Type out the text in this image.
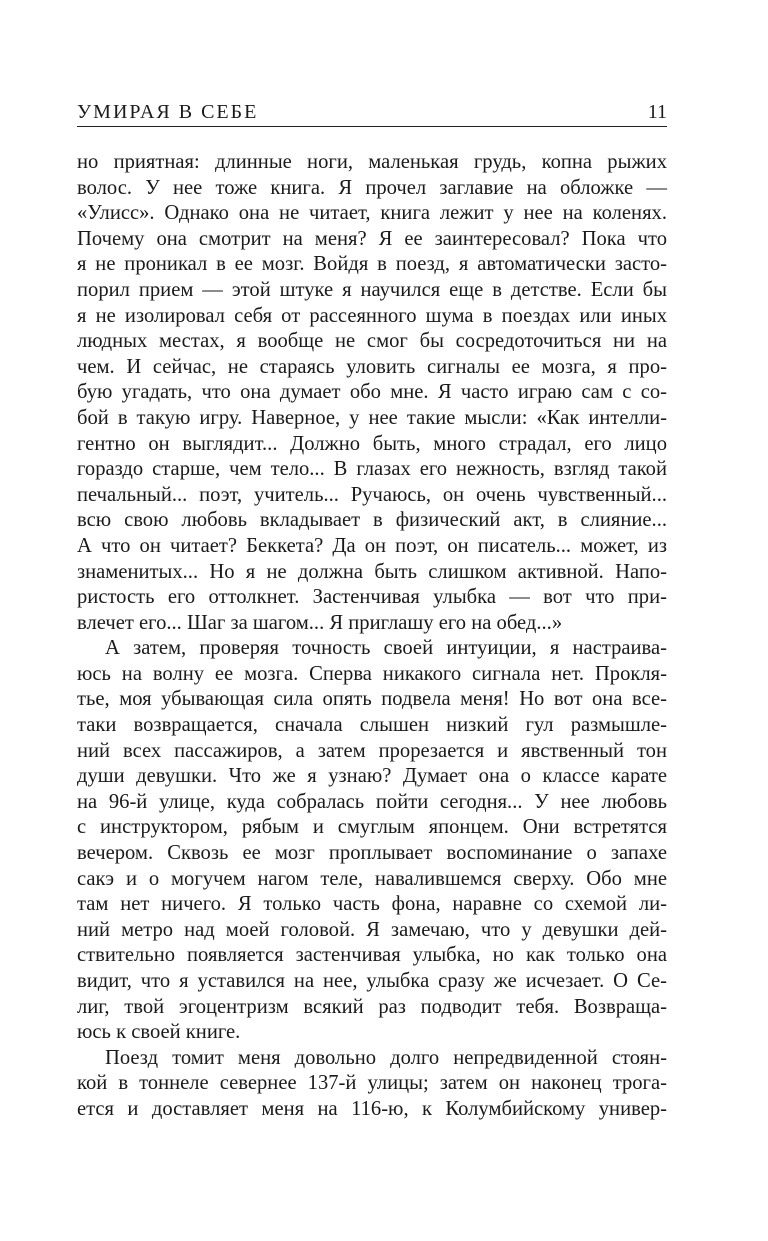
УМИРАЯ В СЕБЕ	11
но приятная: длинные ноги, маленькая грудь, копна рыжих
волос. У нее тоже книга. Я прочел заглавие на обложке —
«Улисс». Однако она не читает, книга лежит у нее на коленях.
Почему она смотрит на меня? Я ее заинтересовал? Пока что
я не проникал в ее мозг. Войдя в поезд, я автоматически засто-
порил прием — этой штуке я научился еще в детстве. Если бы
я не изолировал себя от рассеянного шума в поездах или иных
людных местах, я вообще не смог бы сосредоточиться ни на
чем. И сейчас, не стараясь уловить сигналы ее мозга, я про-
бую угадать, что она думает обо мне. Я часто играю сам с со-
бой в такую игру. Наверное, у нее такие мысли: «Как интелли-
гентно он выглядит... Должно быть, много страдал, его лицо
гораздо старше, чем тело... В глазах его нежность, взгляд такой
печальный... поэт, учитель... Ручаюсь, он очень чувственный...
всю свою любовь вкладывает в физический акт, в слияние...
А что он читает? Беккета? Да он поэт, он писатель... может, из
знаменитых... Но я не должна быть слишком активной. Напо-
ристость его оттолкнет. Застенчивая улыбка — вот что при-
влечет его... Шаг за шагом... Я приглашу его на обед...»
А затем, проверяя точность своей интуиции, я настраива-
юсь на волну ее мозга. Сперва никакого сигнала нет. Прокля-
тье, моя убывающая сила опять подвела меня! Но вот она все-
таки возвращается, сначала слышен низкий гул размышле-
ний всех пассажиров, а затем прорезается и явственный тон
души девушки. Что же я узнаю? Думает она о классе карате
на 96-й улице, куда собралась пойти сегодня... У нее любовь
с инструктором, рябым и смуглым японцем. Они встретятся
вечером. Сквозь ее мозг проплывает воспоминание о запахе
сакэ и о могучем нагом теле, навалившемся сверху. Обо мне
там нет ничего. Я только часть фона, наравне со схемой ли-
ний метро над моей головой. Я замечаю, что у девушки дей-
ствительно появляется застенчивая улыбка, но как только она
видит, что я уставился на нее, улыбка сразу же исчезает. О Се-
лиг, твой эгоцентризм всякий раз подводит тебя. Возвраща-
юсь к своей книге.
Поезд томит меня довольно долго непредвиденной стоян-
кой в тоннеле севернее 137-й улицы; затем он наконец трога-
ется и доставляет меня на 116-ю, к Колумбийскому универ-
